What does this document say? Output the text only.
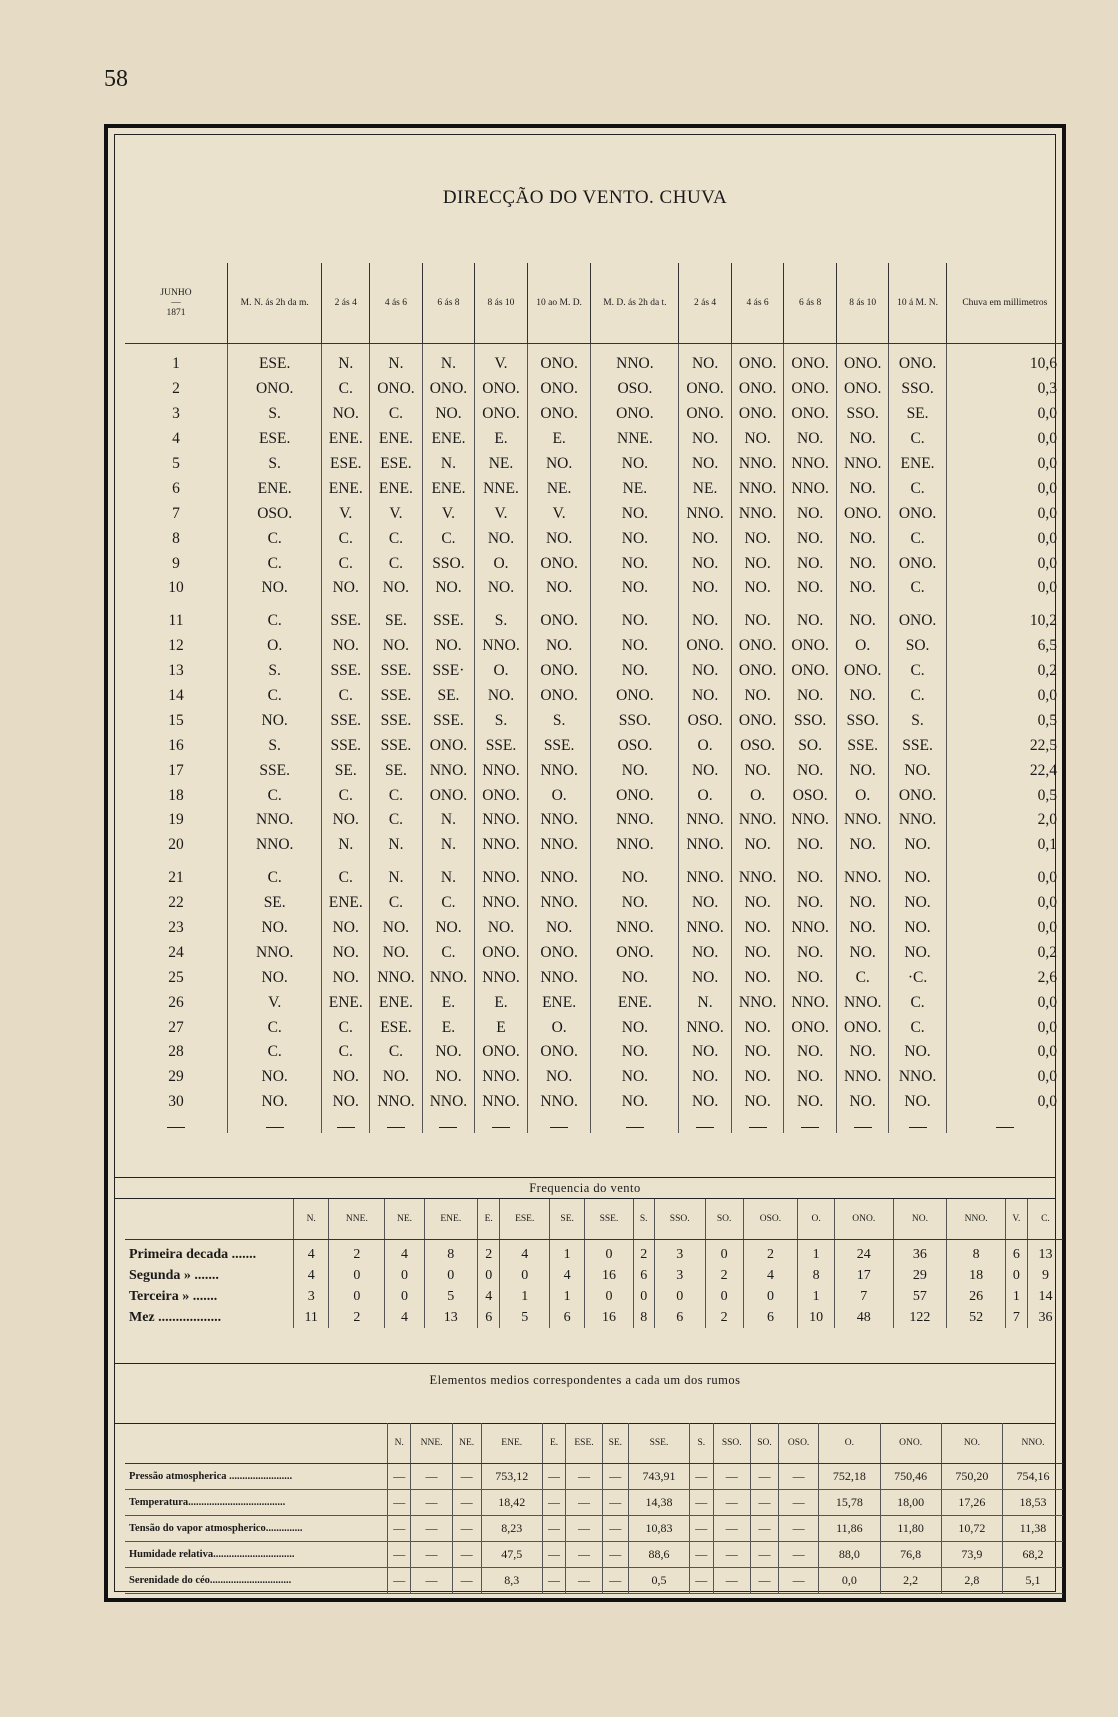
58
DIRECÇÃO DO VENTO. CHUVA
JUNHO
—
1871	M. N. ás 2h da m.	2 ás 4	4 ás 6	6 ás 8	8 ás 10	10 ao M. D.	M. D. ás 2h da t.	2 ás 4	4 ás 6	6 ás 8	8 ás 10	10 á M. N.	Chuva em millimetros

1	ESE.	N.	N.	N.	V.	ONO.	NNO.	NO.	ONO.	ONO.	ONO.	ONO.	10,6
2	ONO.	C.	ONO.	ONO.	ONO.	ONO.	OSO.	ONO.	ONO.	ONO.	ONO.	SSO.	0,3
3	S.	NO.	C.	NO.	ONO.	ONO.	ONO.	ONO.	ONO.	ONO.	SSO.	SE.	0,0
4	ESE.	ENE.	ENE.	ENE.	E.	E.	NNE.	NO.	NO.	NO.	NO.	C.	0,0
5	S.	ESE.	ESE.	N.	NE.	NO.	NO.	NO.	NNO.	NNO.	NNO.	ENE.	0,0
6	ENE.	ENE.	ENE.	ENE.	NNE.	NE.	NE.	NE.	NNO.	NNO.	NO.	C.	0,0
7	OSO.	V.	V.	V.	V.	V.	NO.	NNO.	NNO.	NO.	ONO.	ONO.	0,0
8	C.	C.	C.	C.	NO.	NO.	NO.	NO.	NO.	NO.	NO.	C.	0,0
9	C.	C.	C.	SSO.	O.	ONO.	NO.	NO.	NO.	NO.	NO.	ONO.	0,0
10	NO.	NO.	NO.	NO.	NO.	NO.	NO.	NO.	NO.	NO.	NO.	C.	0,0

11	C.	SSE.	SE.	SSE.	S.	ONO.	NO.	NO.	NO.	NO.	NO.	ONO.	10,2
12	O.	NO.	NO.	NO.	NNO.	NO.	NO.	ONO.	ONO.	ONO.	O.	SO.	6,5
13	S.	SSE.	SSE.	SSE·	O.	ONO.	NO.	NO.	ONO.	ONO.	ONO.	C.	0,2
14	C.	C.	SSE.	SE.	NO.	ONO.	ONO.	NO.	NO.	NO.	NO.	C.	0,0
15	NO.	SSE.	SSE.	SSE.	S.	S.	SSO.	OSO.	ONO.	SSO.	SSO.	S.	0,5
16	S.	SSE.	SSE.	ONO.	SSE.	SSE.	OSO.	O.	OSO.	SO.	SSE.	SSE.	22,5
17	SSE.	SE.	SE.	NNO.	NNO.	NNO.	NO.	NO.	NO.	NO.	NO.	NO.	22,4
18	C.	C.	C.	ONO.	ONO.	O.	ONO.	O.	O.	OSO.	O.	ONO.	0,5
19	NNO.	NO.	C.	N.	NNO.	NNO.	NNO.	NNO.	NNO.	NNO.	NNO.	NNO.	2,0
20	NNO.	N.	N.	N.	NNO.	NNO.	NNO.	NNO.	NO.	NO.	NO.	NO.	0,1

21	C.	C.	N.	N.	NNO.	NNO.	NO.	NNO.	NNO.	NO.	NNO.	NO.	0,0
22	SE.	ENE.	C.	C.	NNO.	NNO.	NO.	NO.	NO.	NO.	NO.	NO.	0,0
23	NO.	NO.	NO.	NO.	NO.	NO.	NNO.	NNO.	NO.	NNO.	NO.	NO.	0,0
24	NNO.	NO.	NO.	C.	ONO.	ONO.	ONO.	NO.	NO.	NO.	NO.	NO.	0,2
25	NO.	NO.	NNO.	NNO.	NNO.	NNO.	NO.	NO.	NO.	NO.	C.	·C.	2,6
26	V.	ENE.	ENE.	E.	E.	ENE.	ENE.	N.	NNO.	NNO.	NNO.	C.	0,0
27	C.	C.	ESE.	E.	E	O.	NO.	NNO.	NO.	ONO.	ONO.	C.	0,0
28	C.	C.	C.	NO.	ONO.	ONO.	NO.	NO.	NO.	NO.	NO.	NO.	0,0
29	NO.	NO.	NO.	NO.	NNO.	NO.	NO.	NO.	NO.	NO.	NNO.	NNO.	0,0
30	NO.	NO.	NNO.	NNO.	NNO.	NNO.	NO.	NO.	NO.	NO.	NO.	NO.	0,0

Frequencia do vento
	N.	NNE.	NE.	ENE.	E.	ESE.	SE.	SSE.	S.	SSO.	SO.	OSO.	O.	ONO.	NO.	NNO.	V.	C.
Primeira decada .......	4	2	4	8	2	4	1	0	2	3	0	2	1	24	36	8	6	13
Segunda » .......	4	0	0	0	0	0	4	16	6	3	2	4	8	17	29	18	0	9
Terceira » .......	3	0	0	5	4	1	1	0	0	0	0	0	1	7	57	26	1	14
Mez ..................	11	2	4	13	6	5	6	16	8	6	2	6	10	48	122	52	7	36
Elementos medios correspondentes a cada um dos rumos
	N.	NNE.	NE.	ENE.	E.	ESE.	SE.	SSE.	S.	SSO.	SO.	OSO.	O.	ONO.	NO.	NNO.
Pressão atmospherica ........................	—	—	—	753,12	—	—	—	743,91	—	—	—	—	752,18	750,46	750,20	754,16
Temperatura.....................................	—	—	—	18,42	—	—	—	14,38	—	—	—	—	15,78	18,00	17,26	18,53
Tensão do vapor atmospherico..............	—	—	—	8,23	—	—	—	10,83	—	—	—	—	11,86	11,80	10,72	11,38
Humidade relativa...............................	—	—	—	47,5	—	—	—	88,6	—	—	—	—	88,0	76,8	73,9	68,2
Serenidade do céo...............................	—	—	—	8,3	—	—	—	0,5	—	—	—	—	0,0	2,2	2,8	5,1
